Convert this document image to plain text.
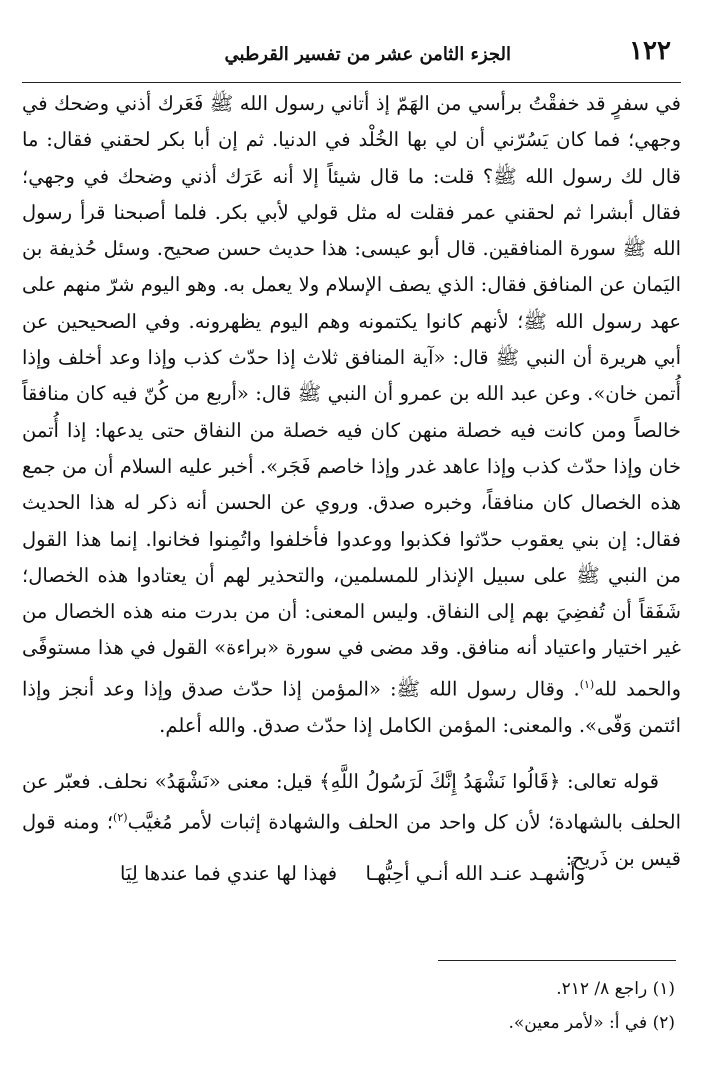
١٢٢
الجزء الثامن عشر من تفسير القرطبي

في سفرٍ قد خفقْتُ برأسي من الهَمّ إذ أتاني رسول الله ﷺ فَعَرك أذني وضحك في وجهي؛ فما كان يَسُرّني أن لي بها الخُلْد في الدنيا. ثم إن أبا بكر لحقني فقال: ما قال لك رسول الله ﷺ؟ قلت: ما قال شيئاً إلا أنه عَرَك أذني وضحك في وجهي؛ فقال أبشرا ثم لحقني عمر فقلت له مثل قولي لأبي بكر. فلما أصبحنا قرأ رسول الله ﷺ سورة المنافقين. قال أبو عيسى: هذا حديث حسن صحيح. وسئل حُذيفة بن اليَمان عن المنافق فقال: الذي يصف الإسلام ولا يعمل به. وهو اليوم شرّ منهم على عهد رسول الله ﷺ؛ لأنهم كانوا يكتمونه وهم اليوم يظهرونه. وفي الصحيحين عن أبي هريرة أن النبي ﷺ قال: «آية المنافق ثلاث إذا حدّث كذب وإذا وعد أخلف وإذا أُتمن خان». وعن عبد الله بن عمرو أن النبي ﷺ قال: «أربع من كُنّ فيه كان منافقاً خالصاً ومن كانت فيه خصلة منهن كان فيه خصلة من النفاق حتى يدعها: إذا أُتمن خان وإذا حدّث كذب وإذا عاهد غدر وإذا خاصم فَجَر». أخبر عليه السلام أن من جمع هذه الخصال كان منافقاً، وخبره صدق. وروي عن الحسن أنه ذكر له هذا الحديث فقال: إن بني يعقوب حدّثوا فكذبوا ووعدوا فأخلفوا واتُمِنوا فخانوا. إنما هذا القول من النبي ﷺ على سبيل الإنذار للمسلمين، والتحذير لهم أن يعتادوا هذه الخصال؛ شَفَقاً أن تُفضِيَ بهم إلى النفاق. وليس المعنى: أن من بدرت منه هذه الخصال من غير اختيار واعتياد أنه منافق. وقد مضى في سورة «براءة» القول في هذا مستوفًى والحمد لله$^{(١)}$. وقال رسول الله ﷺ: «المؤمن إذا حدّث صدق وإذا وعد أنجز وإذا ائتمن وَفّى». والمعنى: المؤمن الكامل إذا حدّث صدق. والله أعلم.

قوله تعالى: ﴿قَالُوا نَشْهَدُ إِنَّكَ لَرَسُولُ اللَّهِ﴾ قيل: معنى «نَشْهَدُ» نحلف. فعبّر عن الحلف بالشهادة؛ لأن كل واحد من الحلف والشهادة إثبات لأمر مُغيَّب$^{(٢)}$؛ ومنه قول قيس بن ذَريح:

وأشهـد عنـد الله أنـي أحِبُّهـا
فهذا لها عندي فما عندها لِيَا
(١) راجع ٨/ ٢١٢.
(٢) في أ: «لأمر معين».
